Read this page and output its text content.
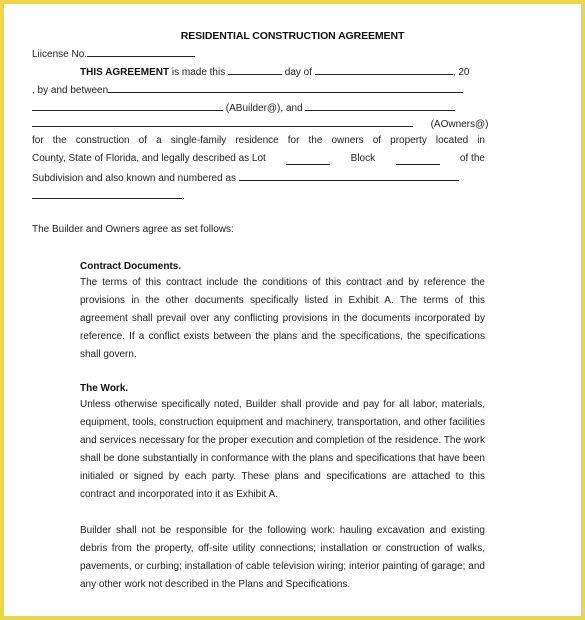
RESIDENTIAL CONSTRUCTION AGREEMENT
Liicense No.
THIS AGREEMENT is made this	day of	, 20
, by and between
(ABuilder@), and
(AOwners@)
for the construction of a single-family residence for the owners of property located in
County, State of Florida, and legally described as Lot	Block	of the
Subdivision and also known and numbered as
.
The Builder and Owners agree as set follows:
Contract Documents.
The terms of this contract include the conditions of this contract and by reference the provisions in the other documents specifically listed in Exhibit A. The terms of this agreement shall prevail over any conflicting provisions in the documents incorporated by reference. If a conflict exists between the plans and the specifications, the specifications shall govern.
The Work.
Unless otherwise specifically noted, Builder shall provide and pay for all labor, materials, equipment, tools, construction equipment and machinery, transportation, and other facilities and services necessary for the proper execution and completion of the residence. The work shall be done substantially in conformance with the plans and specifications that have been initialed or signed by each party. These plans and specifications are attached to this contract and incorporated into it as Exhibit A.
Builder shall not be responsible for the following work: hauling excavation and existing debris from the property, off-site utility connections; installation or construction of walks, pavements, or curbing; installation of cable television wiring; interior painting of garage; and any other work not described in the Plans and Specifications.
